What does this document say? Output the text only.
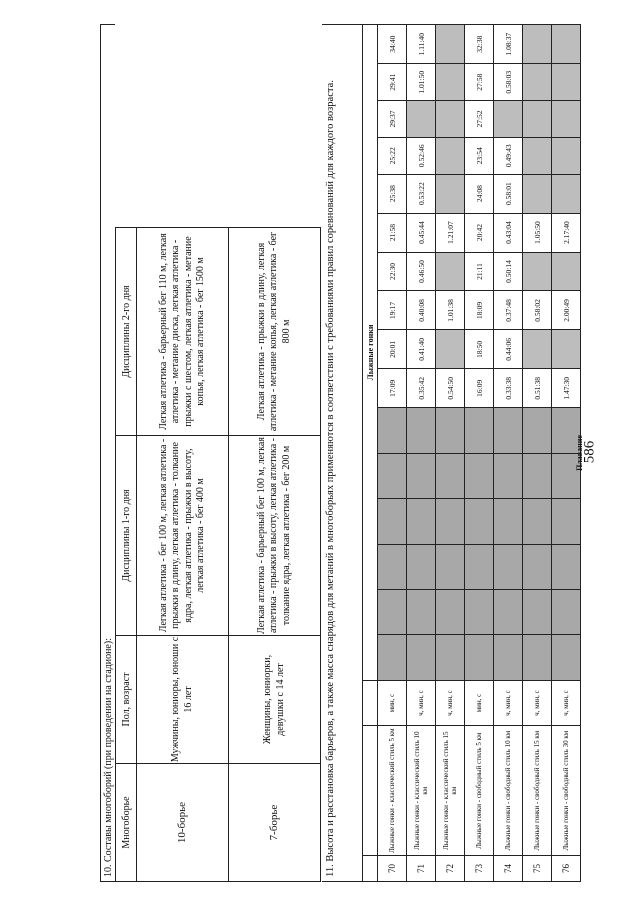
586
10. Составы многоборий (при проведении на стадионе): Многоборье	Пол, возраст	Дисциплины 1-го дня	Дисциплины 2-го дня	
10-борье	Мужчины, юниоры, юноши с 16 лет	Легкая атлетика - бег 100 м, легкая атлетика - прыжки в длину, легкая атлетика - толкание ядра, легкая атлетика - прыжки в высоту, легкая атлетика - бег 400 м	Легкая атлетика - барьерный бег 110 м, легкая атлетика - метание диска, легкая атлетика - прыжки с шестом, легкая атлетика - метание копья, легкая атлетика - бег 1500 м	
7-борье	Женщины, юниорки, девушки с 14 лет	Легкая атлетика - барьерный бег 100 м, легкая атлетика - прыжки в высоту, легкая атлетика - толкание ядра, легкая атлетика - бег 200 м	Легкая атлетика - прыжки в длину, легкая атлетика - метание копья, легкая атлетика - бег 800 м		11. Высота и расстановка барьеров, а также масса снарядов для метаний в многоборьях применяются в соответствии с требованиями правил соревнований для каждого возраста.
				Лыжные гонки															
70	Лыжные гонки - классический стиль 5 км	мин, с							17:09	20:01	19:17	22:30	21:58	25:38	25:22	29:37	29:41	34:40
71	Лыжные гонки - классический стиль 10 км	ч, мин, с							0.35:42	0.41:40	0.40:08	0.46:50	0.45:44	0.53:22	0.52:46		1.01:50	1.11:40
72	Лыжные гонки - классический стиль 15 км	ч, мин, с							0.54:50		1.01:38		1.21:07					
73	Лыжные гонки - свободный стиль 5 км	мин, с							16:09	18:50	18:09	21:11	20:42	24:08	23:54	27:52	27:58	32:38
74	Лыжные гонки - свободный стиль 10 км	ч, мин, с							0.33:38	0.44:06	0.37:48	0.50:14	0.43:04	0.58:01	0.49:43		0.58:03	1.08:37
75	Лыжные гонки - свободный стиль 15 км	ч, мин, с							0.51:38		0.58:02		1.05:50					
76	Лыжные гонки - свободный стиль 30 км	ч, мин, с							1.47:30		2.00:49		2.17:40					
Плавание
